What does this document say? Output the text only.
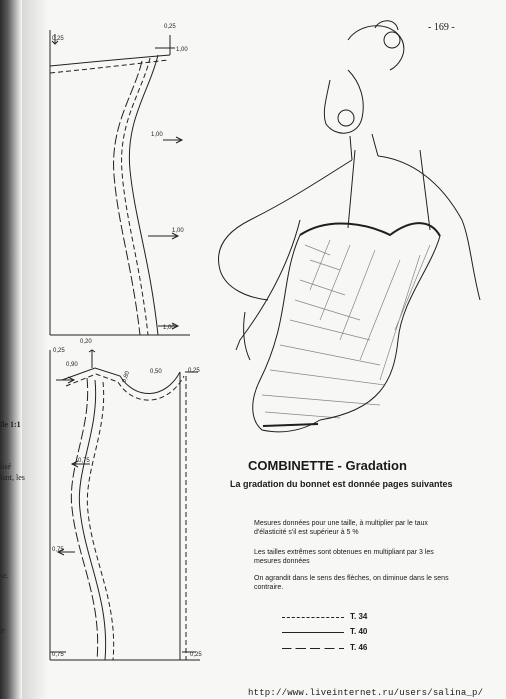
- 169 -
lle 1:1
lisé
lant, les
se.
ir
0,25
0,25
1,00
1,00
1,00
1,00
0,20
0,25
0,90
0,80	0,50	0,25
0,75
0,75
0,75	0,25
COMBINETTE - Gradation
La gradation du bonnet est donnée pages suivantes
Mesures données pour une taille, à multiplier par le taux d'élasticité s'il est supérieur à 5 %
Les tailles extrêmes sont obtenues en multipliant par 3 les mesures données
On agrandit dans le sens des flèches, on diminue dans le sens contraire.
T. 34
T. 40
T. 46
http://www.liveinternet.ru/users/salina_p/
